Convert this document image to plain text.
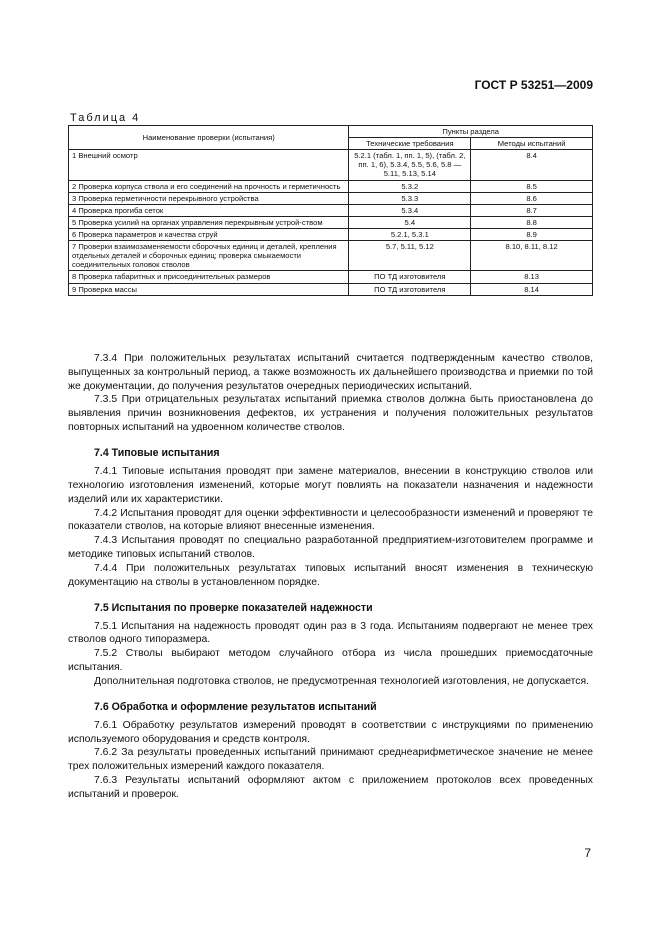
ГОСТ Р 53251—2009
Таблица 4
Наименование проверки (испытания)	Пункты раздела	
	Технические требования	Методы испытаний
1 Внешний осмотр	5.2.1 (табл. 1, пп. 1, 5), (табл. 2, пп. 1, 6), 5.3.4, 5.5, 5.6, 5.8 — 5.11, 5.13, 5.14	8.4
2 Проверка корпуса ствола и его соединений на прочность и герметичность	5.3.2	8.5
3 Проверка герметичности перекрывного устройства	5.3.3	8.6
4 Проверка прогиба сеток	5.3.4	8.7
5 Проверка усилий на органах управления перекрывным устрой-ством	5.4	8.8
6 Проверка параметров и качества струй	5.2.1, 5.3.1	8.9
7 Проверки взаимозаменяемости сборочных единиц и деталей, крепления отдельных деталей и сборочных единиц; проверка смыкаемости соединительных головок стволов	5.7, 5.11, 5.12	8.10, 8.11, 8.12
8 Проверка габаритных и присоединительных размеров	ПО ТД изготовителя	8.13
9 Проверка массы	ПО ТД изготовителя	8.14

7.3.4 При положительных результатах испытаний считается подтвержденным качество стволов, выпущенных за контрольный период, а также возможность их дальнейшего производства и приемки по той же документации, до получения результатов очередных периодических испытаний.

7.3.5 При отрицательных результатах испытаний приемка стволов должна быть приостановлена до выявления причин возникновения дефектов, их устранения и получения положительных результатов повторных испытаний на удвоенном количестве стволов.

7.4 Типовые испытания

7.4.1 Типовые испытания проводят при замене материалов, внесении в конструкцию стволов или технологию изготовления изменений, которые могут повлиять на показатели назначения и надежности изделий или их характеристики.

7.4.2 Испытания проводят для оценки эффективности и целесообразности изменений и проверяют те показатели стволов, на которые влияют внесенные изменения.

7.4.3 Испытания проводят по специально разработанной предприятием-изготовителем программе и методике типовых испытаний стволов.

7.4.4 При положительных результатах типовых испытаний вносят изменения в техническую документацию на стволы в установленном порядке.

7.5 Испытания по проверке показателей надежности

7.5.1 Испытания на надежность проводят один раз в 3 года. Испытаниям подвергают не менее трех стволов одного типоразмера.

7.5.2 Стволы выбирают методом случайного отбора из числа прошедших приемосдаточные испытания.

Дополнительная подготовка стволов, не предусмотренная технологией изготовления, не допускается.

7.6 Обработка и оформление результатов испытаний

7.6.1 Обработку результатов измерений проводят в соответствии с инструкциями по применению используемого оборудования и средств контроля.

7.6.2 За результаты проведенных испытаний принимают среднеарифметическое значение не менее трех положительных измерений каждого показателя.

7.6.3 Результаты испытаний оформляют актом с приложением протоколов всех проведенных испытаний и проверок.

7
